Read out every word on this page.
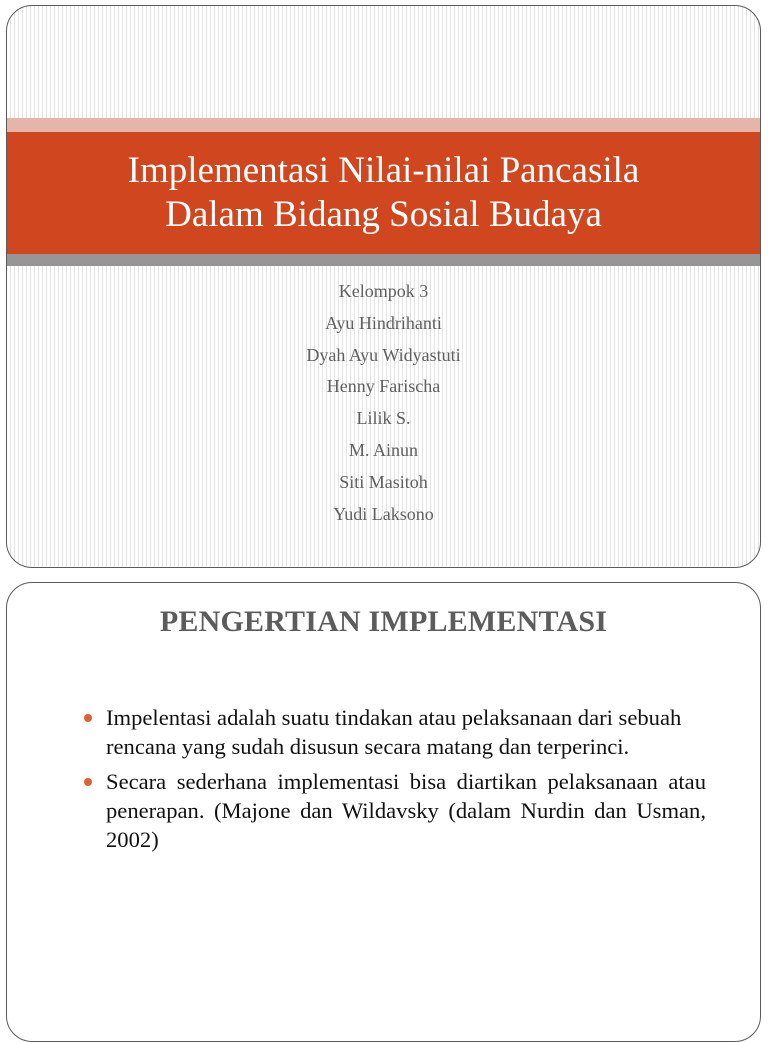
Implementasi Nilai-nilai Pancasila
Dalam Bidang Sosial Budaya
Kelompok 3
Ayu Hindrihanti
Dyah Ayu Widyastuti
Henny Farischa
Lilik S.
M. Ainun
Siti Masitoh
Yudi Laksono
PENGERTIAN IMPLEMENTASI
Impelentasi adalah suatu tindakan atau pelaksanaan dari sebuah rencana yang sudah disusun secara matang dan terperinci.
Secara sederhana implementasi bisa diartikan pelaksanaan atau penerapan. (Majone dan Wildavsky (dalam Nurdin dan Usman, 2002)
